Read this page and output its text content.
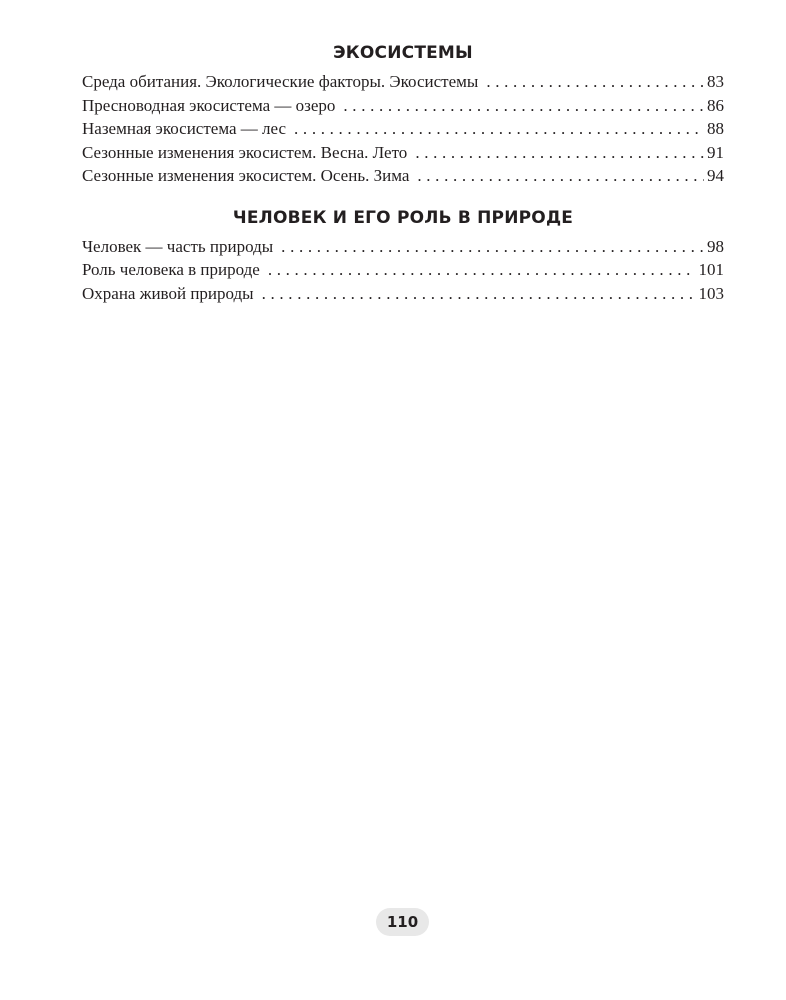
ЭКОСИСТЕМЫ
Среда обитания. Экологические факторы. Экосистемы . . .	83
Пресноводная экосистема — озеро . . .	86
Наземная экосистема — лес . . .	88
Сезонные изменения экосистем. Весна. Лето . . .	91
Сезонные изменения экосистем. Осень. Зима . . .	94
ЧЕЛОВЕК И ЕГО РОЛЬ В ПРИРОДЕ
Человек — часть природы . . .	98
Роль человека в природе . . .	101
Охрана живой природы . . .	103
110
